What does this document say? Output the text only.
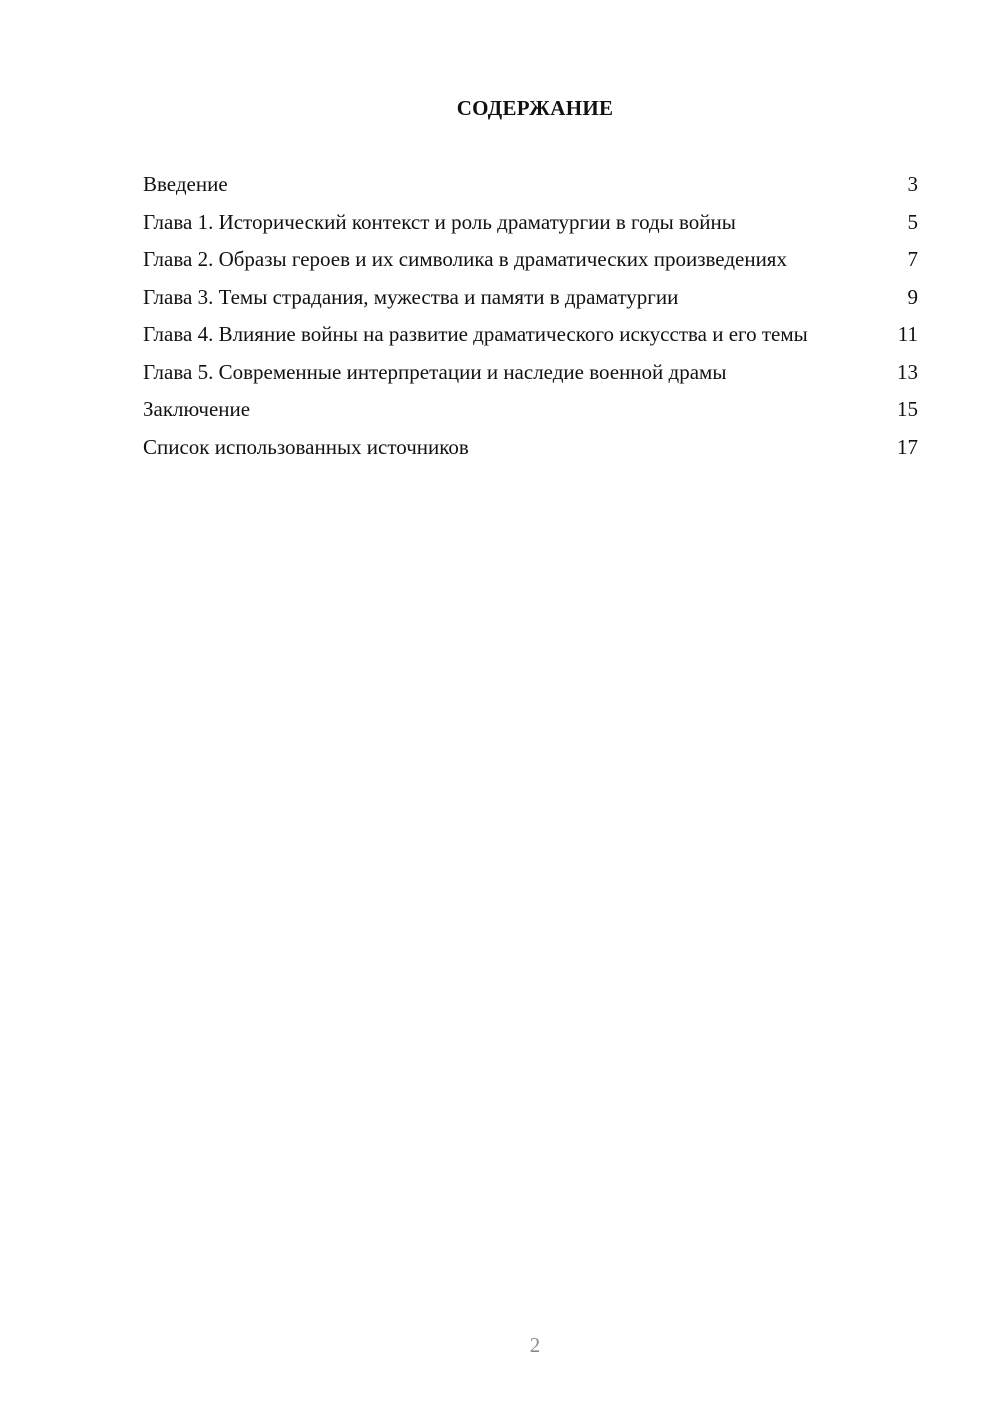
СОДЕРЖАНИЕ
Введение	3
Глава 1. Исторический контекст и роль драматургии в годы войны	5
Глава 2. Образы героев и их символика в драматических произведениях	7
Глава 3. Темы страдания, мужества и памяти в драматургии	9
Глава 4. Влияние войны на развитие драматического искусства и его темы	11
Глава 5. Современные интерпретации и наследие военной драмы	13
Заключение	15
Список использованных источников	17
2
